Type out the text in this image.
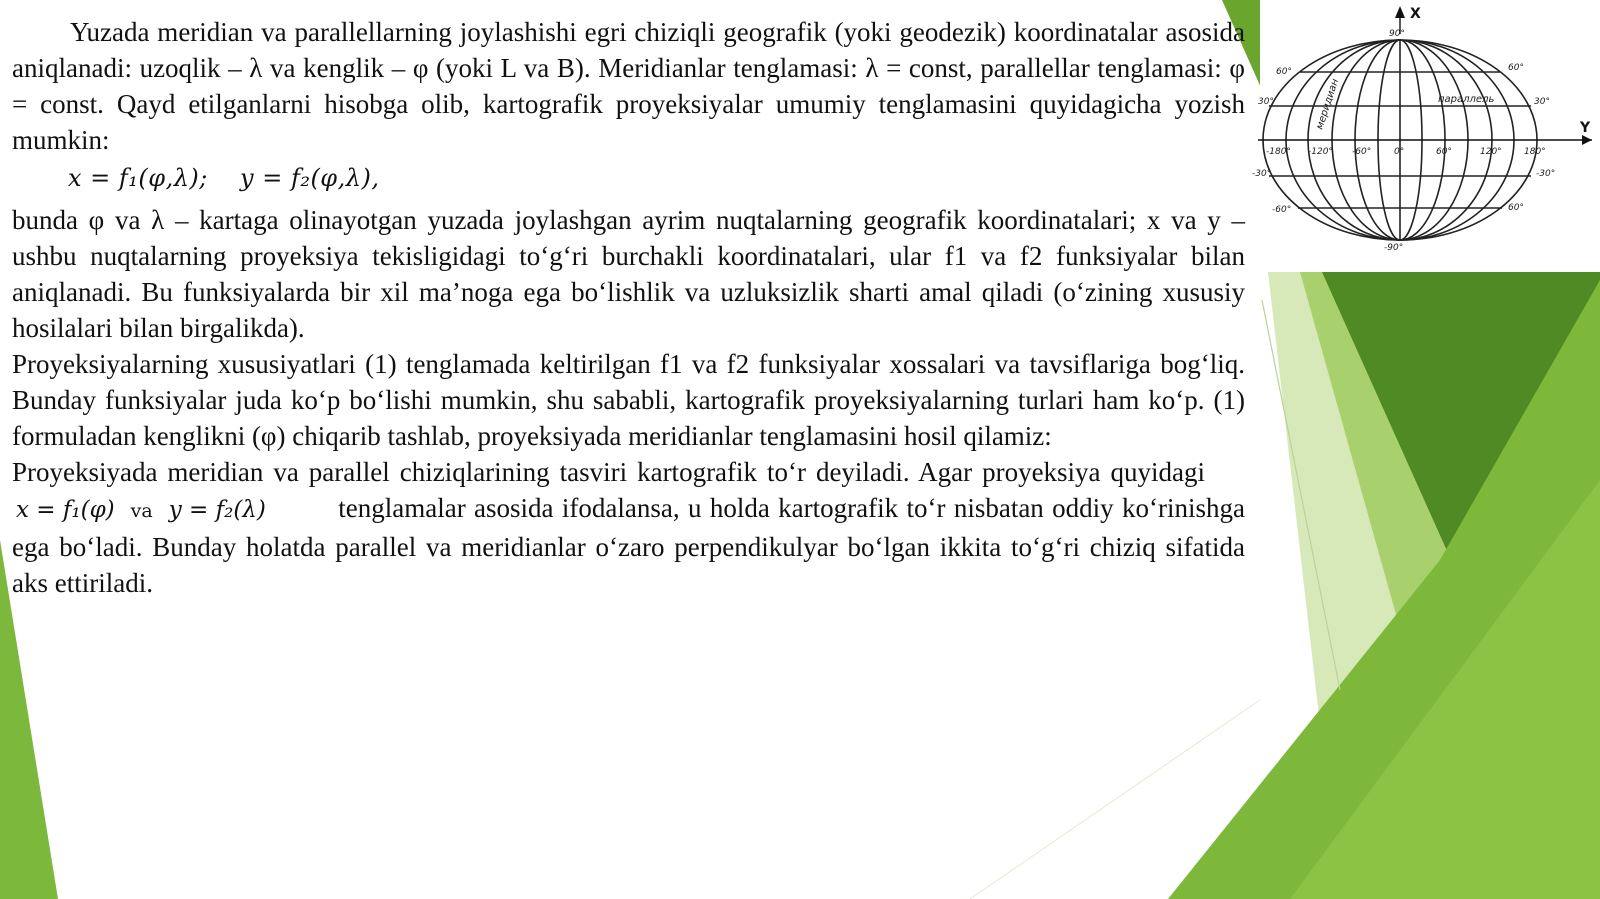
Yuzada meridian va parallellarning joylashishi egri chiziqli geografik (yoki geodezik) koordinatalar asosida aniqlanadi: uzoqlik – λ va kenglik – φ (yoki L va B). Meridianlar tenglamasi: λ = const, parallellar tenglamasi: φ = const. Qayd etilganlarni hisobga olib, kartografik proyeksiyalar umumiy tenglamasini quyidagicha yozish mumkin:

x = f₁(φ,λ); y = f₂(φ,λ),

bunda φ va λ – kartaga olinayotgan yuzada joylashgan ayrim nuqtalarning geografik koordinatalari; x va y – ushbu nuqtalarning proyeksiya tekisligidagi to‘g‘ri burchakli koordinatalari, ular f1 va f2 funksiyalar bilan aniqlanadi. Bu funksiyalarda bir xil ma’noga ega bo‘lishlik va uzluksizlik sharti amal qiladi (o‘zining xususiy hosilalari bilan birgalikda).

Proyeksiyalarning xususiyatlari (1) tenglamada keltirilgan f1 va f2 funksiyalar xossalari va tavsiflariga bog‘liq. Bunday funksiyalar juda ko‘p bo‘lishi mumkin, shu sababli, kartografik proyeksiyalarning turlari ham ko‘p. (1) formuladan kenglikni (φ) chiqarib tashlab, proyeksiyada meridianlar tenglamasini hosil qilamiz:

Proyeksiyada meridian va parallel chiziqlarining tasviri kartografik to‘r deyiladi. Agar proyeksiya quyidagix = f₁(φ) va y = f₂(λ)	tenglamalar asosida ifodalansa, u holda kartografik to‘r nisbatan oddiy ko‘rinishga ega bo‘ladi. Bunday holatda parallel va meridianlar o‘zaro perpendikulyar bo‘lgan ikkita to‘g‘ri chiziq sifatida aks ettiriladi.

X
Y
90°
-90°
60°	60°
30°	30°
-30°	-30°
-60°	60°
-180° -120° -60°	0°	60°	120° 180°
меридиан	параллель
